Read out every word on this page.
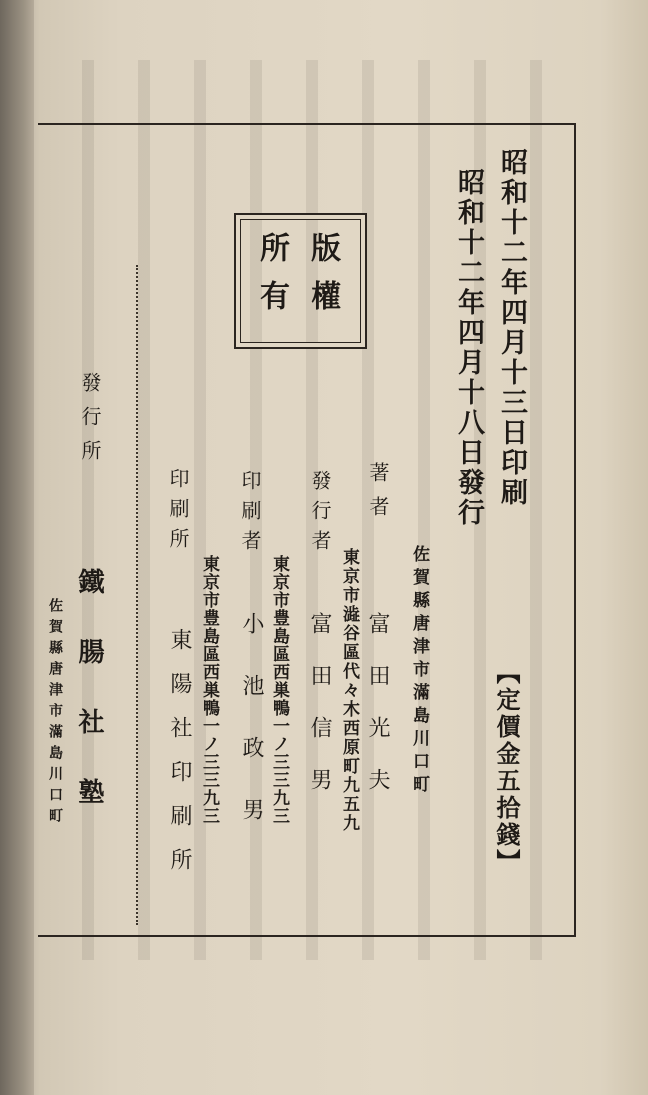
昭和十二年四月十三日印刷
昭和十二年四月十八日發行
【定價金五拾錢】
版權
所有
佐賀縣唐津市滿島川口町
著者
富田光夫
東京市澁谷區代々木西原町九五九
發行者
富田信男
東京市豊島區西巣鴨一ノ三三九三
印刷者
小池政男
東京市豊島區西巣鴨一ノ三三九三
印刷所
東陽社印刷所
發行所
鐵腸社塾
佐賀縣唐津市滿島川口町
